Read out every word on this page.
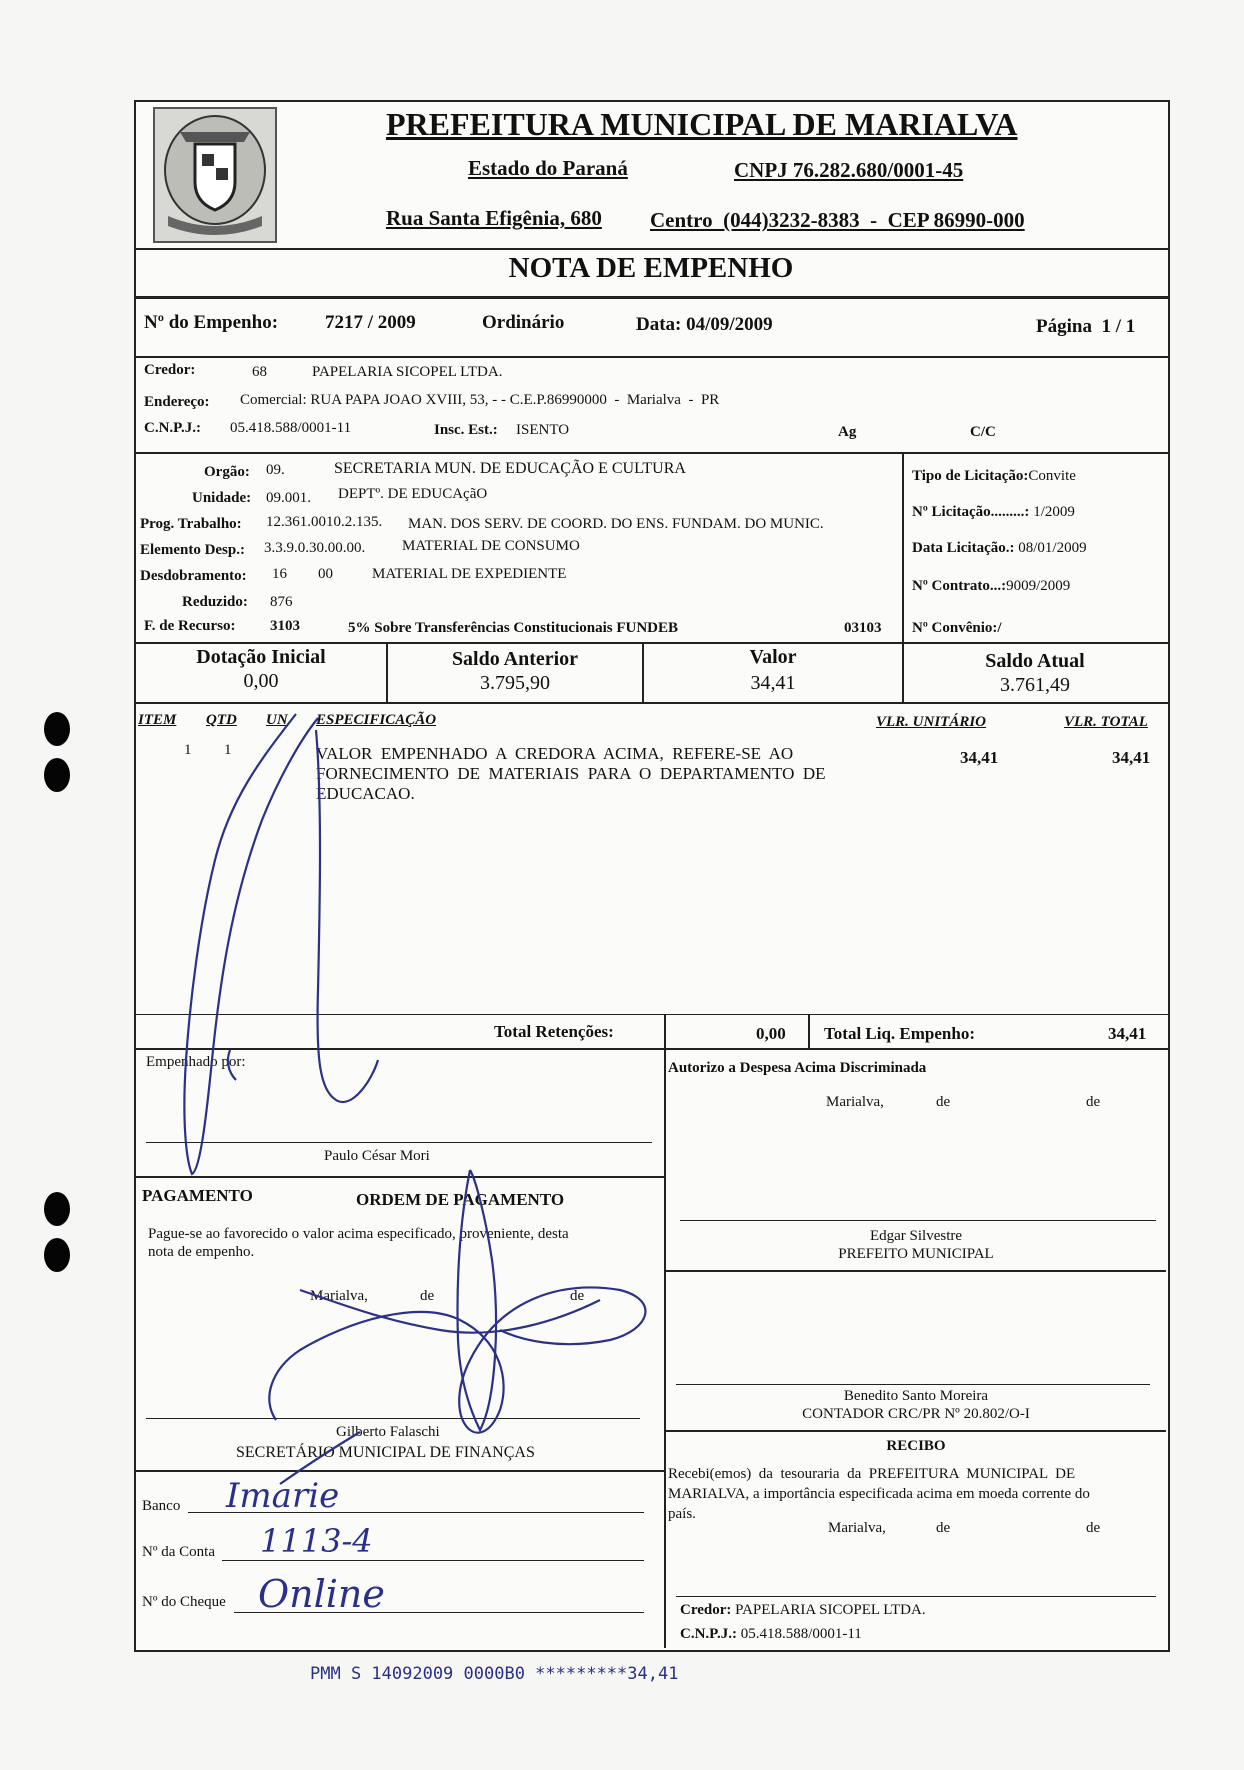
PREFEITURA MUNICIPAL DE MARIALVA
Estado do Paraná	CNPJ 76.282.680/0001-45
Rua Santa Efigênia, 680 Centro  (044)3232-8383  -  CEP 86990-000
NOTA DE EMPENHO
Nº do Empenho: 7217 / 2009	Ordinário	Data: 04/09/2009	Página  1 / 1
Credor:	68	PAPELARIA SICOPEL LTDA.
Endereço: Comercial: RUA PAPA JOAO XVIII, 53, - - C.E.P.86990000  -  Marialva  -  PR
C.N.P.J.: 05.418.588/0001-11	Insc. Est.: ISENTO	Ag	C/C
Orgão: 09.	SECRETARIA MUN. DE EDUCAÇÃO E CULTURA
Unidade: 09.001. DEPTº. DE EDUCAçãO
Prog. Trabalho: 12.361.0010.2.135. MAN. DOS SERV. DE COORD. DO ENS. FUNDAM. DO MUNIC.
Elemento Desp.: 3.3.9.0.30.00.00. MATERIAL DE CONSUMO
Desdobramento: 16 00	MATERIAL DE EXPEDIENTE
Reduzido: 876
F. de Recurso: 3103	5% Sobre Transferências Constitucionais FUNDEB	03103
Tipo de Licitação:Convite
Nº Licitação.........: 1/2009
Data Licitação.: 08/01/2009
Nº Contrato...:9009/2009
Nº Convênio:/
Dotação Inicial
0,00
Saldo Anterior
3.795,90
Valor
34,41
Saldo Atual
3.761,49
ITEM QTD UN ESPECIFICAÇÃO	VLR. UNITÁRIO	VLR. TOTAL
1 1	VALOR  EMPENHADO  A  CREDORA  ACIMA,  REFERE-SE  AO
FORNECIMENTO  DE  MATERIAIS  PARA  O  DEPARTAMENTO  DE
EDUCACAO.
34,41	34,41
Total Retenções:	0,00 Total Liq. Empenho:	34,41
Empenhado por:
Paulo César Mori
Autorizo a Despesa Acima Discriminada
Marialva,	de	de
Edgar Silvestre
PREFEITO MUNICIPAL
Benedito Santo Moreira
CONTADOR CRC/PR Nº 20.802/O-I
PAGAMENTO	ORDEM DE PAGAMENTO
Pague-se ao favorecido o valor acima especificado, proveniente, desta
nota de empenho.
Marialva,	de	de
Gilberto Falaschi
SECRETÁRIO MUNICIPAL DE FINANÇAS
Banco Imarie
Nº da Conta 1113-4
Nº do Cheque Online
RECIBO
Recebi(emos)  da  tesouraria  da  PREFEITURA  MUNICIPAL  DE
MARIALVA, a importância especificada acima em moeda corrente do
país.
Marialva,	de	de
Credor: PAPELARIA SICOPEL LTDA.
C.N.P.J.: 05.418.588/0001-11
PMM S 14092009 0000B0 *********34,41
